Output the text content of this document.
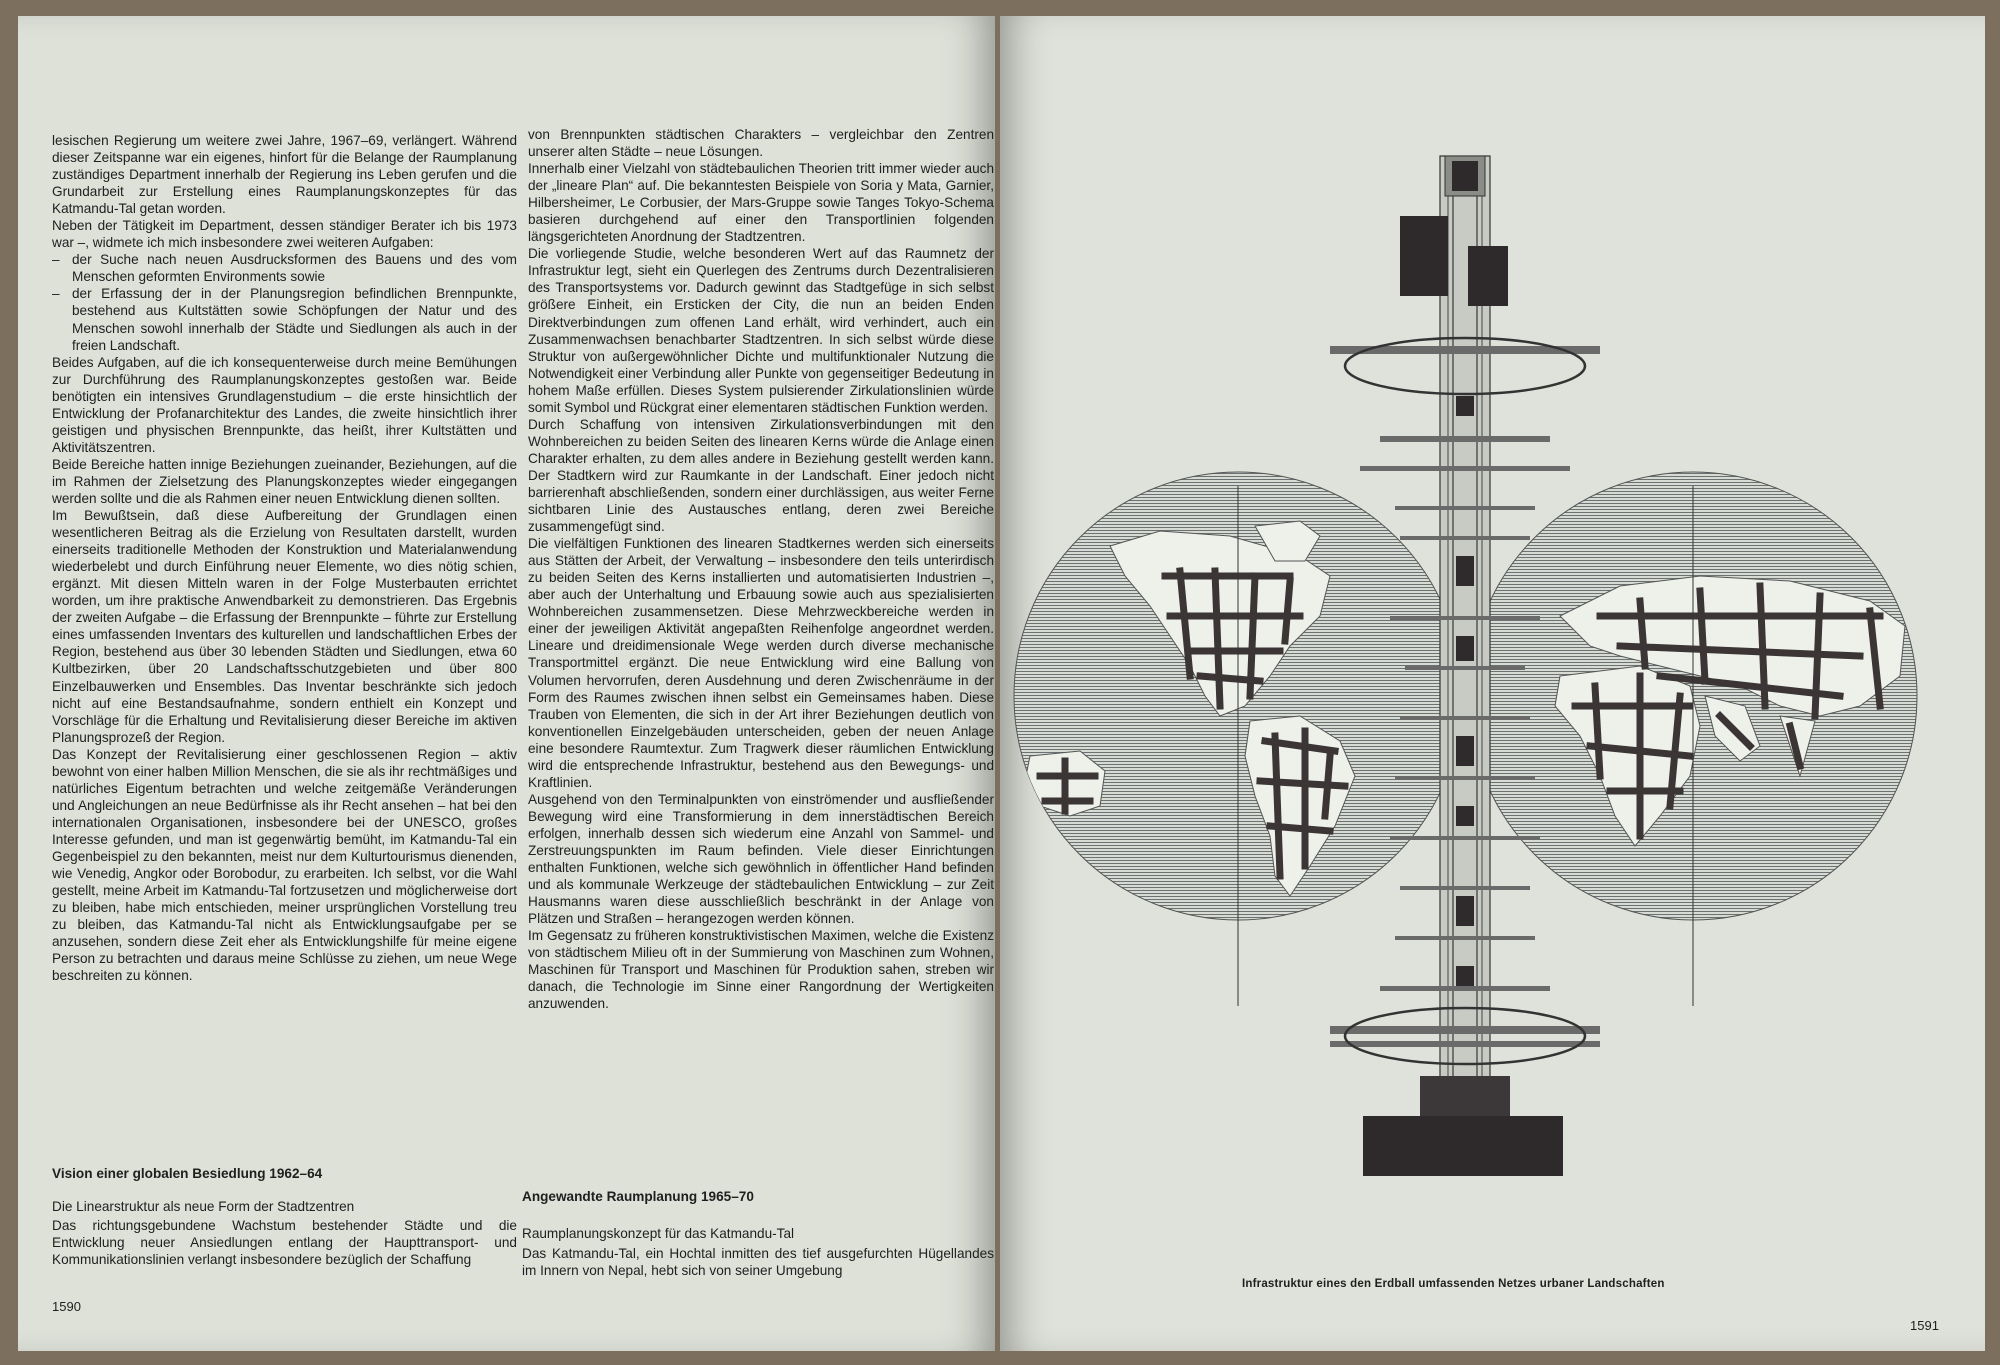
lesischen Regierung um weitere zwei Jahre, 1967–69, verlängert. Während dieser Zeitspanne war ein eigenes, hinfort für die Belange der Raumplanung zuständiges Department innerhalb der Regierung ins Leben gerufen und die Grundarbeit zur Erstellung eines Raumplanungskonzeptes für das Katmandu-Tal getan worden.

Neben der Tätigkeit im Department, dessen ständiger Berater ich bis 1973 war –, widmete ich mich insbesondere zwei weiteren Aufgaben:

– der Suche nach neuen Ausdrucksformen des Bauens und des vom Menschen geformten Environments sowie
– der Erfassung der in der Planungsregion befindlichen Brennpunkte, bestehend aus Kultstätten sowie Schöpfungen der Natur und des Menschen sowohl innerhalb der Städte und Siedlungen als auch in der freien Landschaft.

Beides Aufgaben, auf die ich konsequenterweise durch meine Bemühungen zur Durchführung des Raumplanungskonzeptes gestoßen war. Beide benötigten ein intensives Grundlagenstudium – die erste hinsichtlich der Entwicklung der Profanarchitektur des Landes, die zweite hinsichtlich ihrer geistigen und physischen Brennpunkte, das heißt, ihrer Kultstätten und Aktivitätszentren.

Beide Bereiche hatten innige Beziehungen zueinander, Beziehungen, auf die im Rahmen der Zielsetzung des Planungskonzeptes wieder eingegangen werden sollte und die als Rahmen einer neuen Entwicklung dienen sollten.

Im Bewußtsein, daß diese Aufbereitung der Grundlagen einen wesentlicheren Beitrag als die Erzielung von Resultaten darstellt, wurden einerseits traditionelle Methoden der Konstruktion und Materialanwendung wiederbelebt und durch Einführung neuer Elemente, wo dies nötig schien, ergänzt. Mit diesen Mitteln waren in der Folge Musterbauten errichtet worden, um ihre praktische Anwendbarkeit zu demonstrieren. Das Ergebnis der zweiten Aufgabe – die Erfassung der Brennpunkte – führte zur Erstellung eines umfassenden Inventars des kulturellen und landschaftlichen Erbes der Region, bestehend aus über 30 lebenden Städten und Siedlungen, etwa 60 Kultbezirken, über 20 Landschaftsschutzgebieten und über 800 Einzelbauwerken und Ensembles. Das Inventar beschränkte sich jedoch nicht auf eine Bestandsaufnahme, sondern enthielt ein Konzept und Vorschläge für die Erhaltung und Revitalisierung dieser Bereiche im aktiven Planungsprozeß der Region.

Das Konzept der Revitalisierung einer geschlossenen Region – aktiv bewohnt von einer halben Million Menschen, die sie als ihr rechtmäßiges und natürliches Eigentum betrachten und welche zeitgemäße Veränderungen und Angleichungen an neue Bedürfnisse als ihr Recht ansehen – hat bei den internationalen Organisationen, insbesondere bei der UNESCO, großes Interesse gefunden, und man ist gegenwärtig bemüht, im Katmandu-Tal ein Gegenbeispiel zu den bekannten, meist nur dem Kulturtourismus dienenden, wie Venedig, Angkor oder Borobodur, zu erarbeiten. Ich selbst, vor die Wahl gestellt, meine Arbeit im Katmandu-Tal fortzusetzen und möglicherweise dort zu bleiben, habe mich entschieden, meiner ursprünglichen Vorstellung treu zu bleiben, das Katmandu-Tal nicht als Entwicklungsaufgabe per se anzusehen, sondern diese Zeit eher als Entwicklungshilfe für meine eigene Person zu betrachten und daraus meine Schlüsse zu ziehen, um neue Wege beschreiten zu können.

Vision einer globalen Besiedlung 1962–64
Die Linearstruktur als neue Form der Stadtzentren
Das richtungsgebundene Wachstum bestehender Städte und die Entwicklung neuer Ansiedlungen entlang der Haupttransport- und Kommunikationslinien verlangt insbesondere bezüglich der Schaffung

von Brennpunkten städtischen Charakters – vergleichbar den Zentren unserer alten Städte – neue Lösungen.

Innerhalb einer Vielzahl von städtebaulichen Theorien tritt immer wieder auch der „lineare Plan“ auf. Die bekanntesten Beispiele von Soria y Mata, Garnier, Hilbersheimer, Le Corbusier, der Mars-Gruppe sowie Tanges Tokyo-Schema basieren durchgehend auf einer den Transportlinien folgenden längsgerichteten Anordnung der Stadtzentren.

Die vorliegende Studie, welche besonderen Wert auf das Raumnetz der Infrastruktur legt, sieht ein Querlegen des Zentrums durch Dezentralisieren des Transportsystems vor. Dadurch gewinnt das Stadtgefüge in sich selbst größere Einheit, ein Ersticken der City, die nun an beiden Enden Direktverbindungen zum offenen Land erhält, wird verhindert, auch ein Zusammenwachsen benachbarter Stadtzentren. In sich selbst würde diese Struktur von außergewöhnlicher Dichte und multifunktionaler Nutzung die Notwendigkeit einer Verbindung aller Punkte von gegenseitiger Bedeutung in hohem Maße erfüllen. Dieses System pulsierender Zirkulationslinien würde somit Symbol und Rückgrat einer elementaren städtischen Funktion werden.

Durch Schaffung von intensiven Zirkulationsverbindungen mit den Wohnbereichen zu beiden Seiten des linearen Kerns würde die Anlage einen Charakter erhalten, zu dem alles andere in Beziehung gestellt werden kann. Der Stadtkern wird zur Raumkante in der Landschaft. Einer jedoch nicht barrierenhaft abschließenden, sondern einer durchlässigen, aus weiter Ferne sichtbaren Linie des Austausches entlang, deren zwei Bereiche zusammengefügt sind.

Die vielfältigen Funktionen des linearen Stadtkernes werden sich einerseits aus Stätten der Arbeit, der Verwaltung – insbesondere den teils unterirdisch zu beiden Seiten des Kerns installierten und automatisierten Industrien –, aber auch der Unterhaltung und Erbauung sowie auch aus spezialisierten Wohnbereichen zusammensetzen. Diese Mehrzweckbereiche werden in einer der jeweiligen Aktivität angepaßten Reihenfolge angeordnet werden. Lineare und dreidimensionale Wege werden durch diverse mechanische Transportmittel ergänzt. Die neue Entwicklung wird eine Ballung von Volumen hervorrufen, deren Ausdehnung und deren Zwischenräume in der Form des Raumes zwischen ihnen selbst ein Gemeinsames haben. Diese Trauben von Elementen, die sich in der Art ihrer Beziehungen deutlich von konventionellen Einzelgebäuden unterscheiden, geben der neuen Anlage eine besondere Raumtextur. Zum Tragwerk dieser räumlichen Entwicklung wird die entsprechende Infrastruktur, bestehend aus den Bewegungs- und Kraftlinien.

Ausgehend von den Terminalpunkten von einströmender und ausfließender Bewegung wird eine Transformierung in dem innerstädtischen Bereich erfolgen, innerhalb dessen sich wiederum eine Anzahl von Sammel- und Zerstreuungspunkten im Raum befinden. Viele dieser Einrichtungen enthalten Funktionen, welche sich gewöhnlich in öffentlicher Hand befinden und als kommunale Werkzeuge der städtebaulichen Entwicklung – zur Zeit Hausmanns waren diese ausschließlich beschränkt in der Anlage von Plätzen und Straßen – herangezogen werden können.

Im Gegensatz zu früheren konstruktivistischen Maximen, welche die Existenz von städtischem Milieu oft in der Summierung von Maschinen zum Wohnen, Maschinen für Transport und Maschinen für Produktion sahen, streben wir danach, die Technologie im Sinne einer Rangordnung der Wertigkeiten anzuwenden.

Angewandte Raumplanung 1965–70
Raumplanungskonzept für das Katmandu-Tal
Das Katmandu-Tal, ein Hochtal inmitten des tief ausgefurchten Hügellandes im Innern von Nepal, hebt sich von seiner Umgebung
1590
Infrastruktur eines den Erdball umfassenden Netzes urbaner Landschaften
1591
